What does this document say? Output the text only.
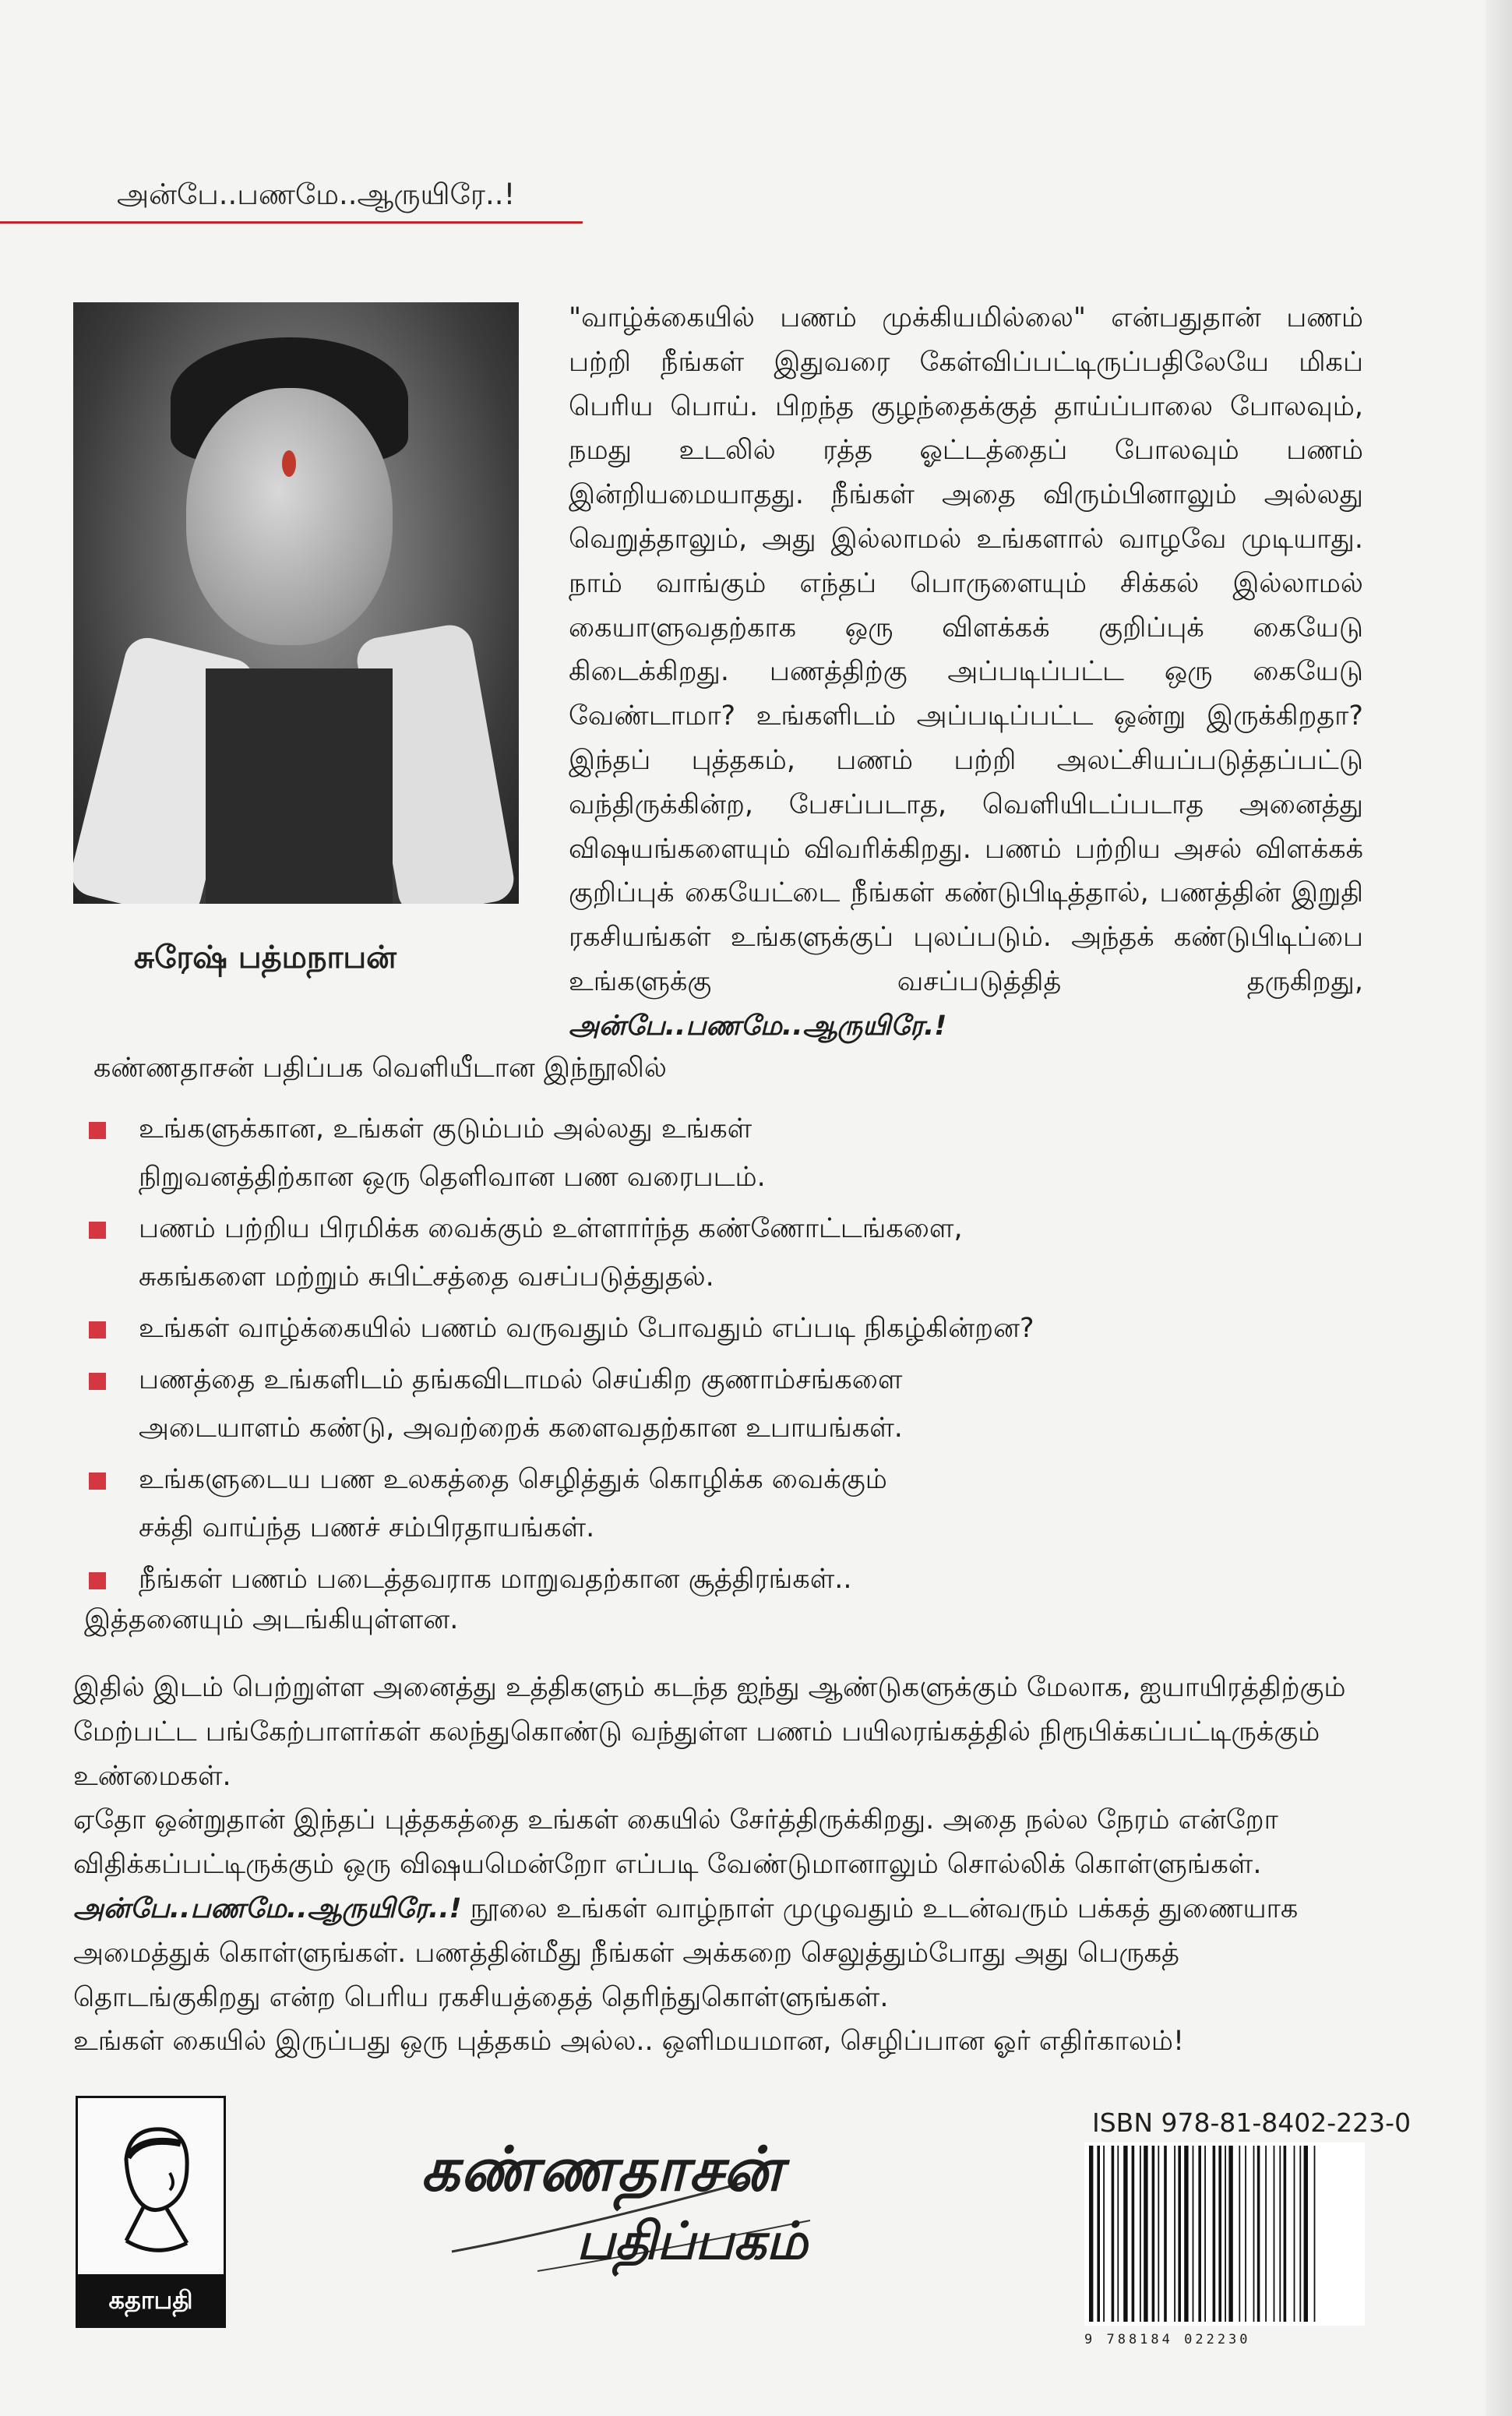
அன்பே..பணமே..ஆருயிரே..!
சுரேஷ் பத்மநாபன்
"வாழ்க்கையில் பணம் முக்கியமில்லை" என்பதுதான் பணம் பற்றி நீங்கள் இதுவரை கேள்விப்பட்டிருப்பதிலேயே மிகப் பெரிய பொய். பிறந்த குழந்தைக்குத் தாய்ப்பாலை போலவும், நமது உடலில் ரத்த ஓட்டத்தைப் போலவும் பணம் இன்றியமையாதது. நீங்கள் அதை விரும்பினாலும் அல்லது வெறுத்தாலும், அது இல்லாமல் உங்களால் வாழவே முடியாது. நாம் வாங்கும் எந்தப் பொருளையும் சிக்கல் இல்லாமல் கையாளுவதற்காக ஒரு விளக்கக் குறிப்புக் கையேடு கிடைக்கிறது. பணத்திற்கு அப்படிப்பட்ட ஒரு கையேடு வேண்டாமா? உங்களிடம் அப்படிப்பட்ட ஒன்று இருக்கிறதா?இந்தப் புத்தகம், பணம் பற்றி அலட்சியப்படுத்தப்பட்டு வந்திருக்கின்ற, பேசப்படாத, வெளியிடப்படாத அனைத்து விஷயங்களையும் விவரிக்கிறது. பணம் பற்றிய அசல் விளக்கக் குறிப்புக் கையேட்டை நீங்கள் கண்டுபிடித்தால், பணத்தின் இறுதி ரகசியங்கள் உங்களுக்குப் புலப்படும். அந்தக் கண்டுபிடிப்பை உங்களுக்கு வசப்படுத்தித் தருகிறது, அன்பே..பணமே..ஆருயிரே.!
கண்ணதாசன் பதிப்பக வெளியீடான இந்நூலில்
உங்களுக்கான, உங்கள் குடும்பம் அல்லது உங்கள்
நிறுவனத்திற்கான ஒரு தெளிவான பண வரைபடம்.
பணம் பற்றிய பிரமிக்க வைக்கும் உள்ளார்ந்த கண்ணோட்டங்களை,
சுகங்களை மற்றும் சுபிட்சத்தை வசப்படுத்துதல்.
உங்கள் வாழ்க்கையில் பணம் வருவதும் போவதும் எப்படி நிகழ்கின்றன?
பணத்தை உங்களிடம் தங்கவிடாமல் செய்கிற குணாம்சங்களை
அடையாளம் கண்டு, அவற்றைக் களைவதற்கான உபாயங்கள்.
உங்களுடைய பண உலகத்தை செழித்துக் கொழிக்க வைக்கும்
சக்தி வாய்ந்த பணச் சம்பிரதாயங்கள்.
நீங்கள் பணம் படைத்தவராக மாறுவதற்கான சூத்திரங்கள்..
இத்தனையும் அடங்கியுள்ளன.

இதில் இடம் பெற்றுள்ள அனைத்து உத்திகளும் கடந்த ஐந்து ஆண்டுகளுக்கும் மேலாக, ஐயாயிரத்திற்கும் மேற்பட்ட பங்கேற்பாளர்கள் கலந்துகொண்டு வந்துள்ள பணம் பயிலரங்கத்தில் நிரூபிக்கப்பட்டிருக்கும் உண்மைகள்.

ஏதோ ஒன்றுதான் இந்தப் புத்தகத்தை உங்கள் கையில் சேர்த்திருக்கிறது. அதை நல்ல நேரம் என்றோ விதிக்கப்பட்டிருக்கும் ஒரு விஷயமென்றோ எப்படி வேண்டுமானாலும் சொல்லிக் கொள்ளுங்கள். அன்பே..பணமே..ஆருயிரே..! நூலை உங்கள் வாழ்நாள் முழுவதும் உடன்வரும் பக்கத் துணையாக அமைத்துக் கொள்ளுங்கள். பணத்தின்மீது நீங்கள் அக்கறை செலுத்தும்போது அது பெருகத் தொடங்குகிறது என்ற பெரிய ரகசியத்தைத் தெரிந்துகொள்ளுங்கள்.

உங்கள் கையில் இருப்பது ஒரு புத்தகம் அல்ல.. ஒளிமயமான, செழிப்பான ஓர் எதிர்காலம்!

கதாபதி
கண்ணதாசன்
பதிப்பகம்
ISBN 978-81-8402-223-0
9 788184 022230
